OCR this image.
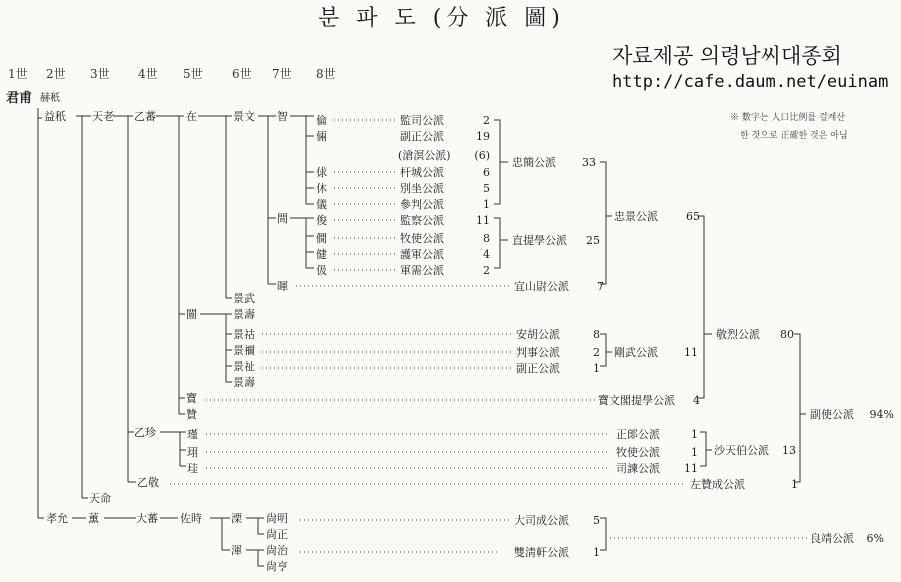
분 파 도 (分 派 圖)
자료제공 의령남씨대종회
http://cafe.daum.net/euinam
※ 數字는 人口比例를 걸계산
한 것으로 正確한 것은 아님
1世 2世 3世 4世 5世 6世 7世 8世
君甫 赫秖
益秖 天老 乙蕃	在	景文 智	倫
倆
俅
休
儀
間	俊
僩
健
伋
暉
景武
景壽
闓
景祜
景禰
景祉
景壽
寶
贊
乙珍	瑾
珝
珪
乙敬
天命
孝允 薰	大蕃 佐時	溧 尙明
尙正
渾 尙治
尙亨
監司公派	2
副正公派	19
(滄溟公派)	(6)
杆城公派	6
別坐公派	5
參判公派	1
監察公派	11
牧使公派	8
護軍公派	4
軍需公派	2
宜山尉公派	7
安胡公派	8
判事公派	2
副正公派	1
寶文閣提學公派	4
正郞公派	1
牧使公派	1
司諫公派	11
左贊成公派	1
大司成公派	5
雙淸軒公派	1
忠簡公派	33
直提學公派	25
忠景公派	65
剛武公派	11
沙天伯公派	13
敬烈公派	80
副使公派	94%
良靖公派	6%
